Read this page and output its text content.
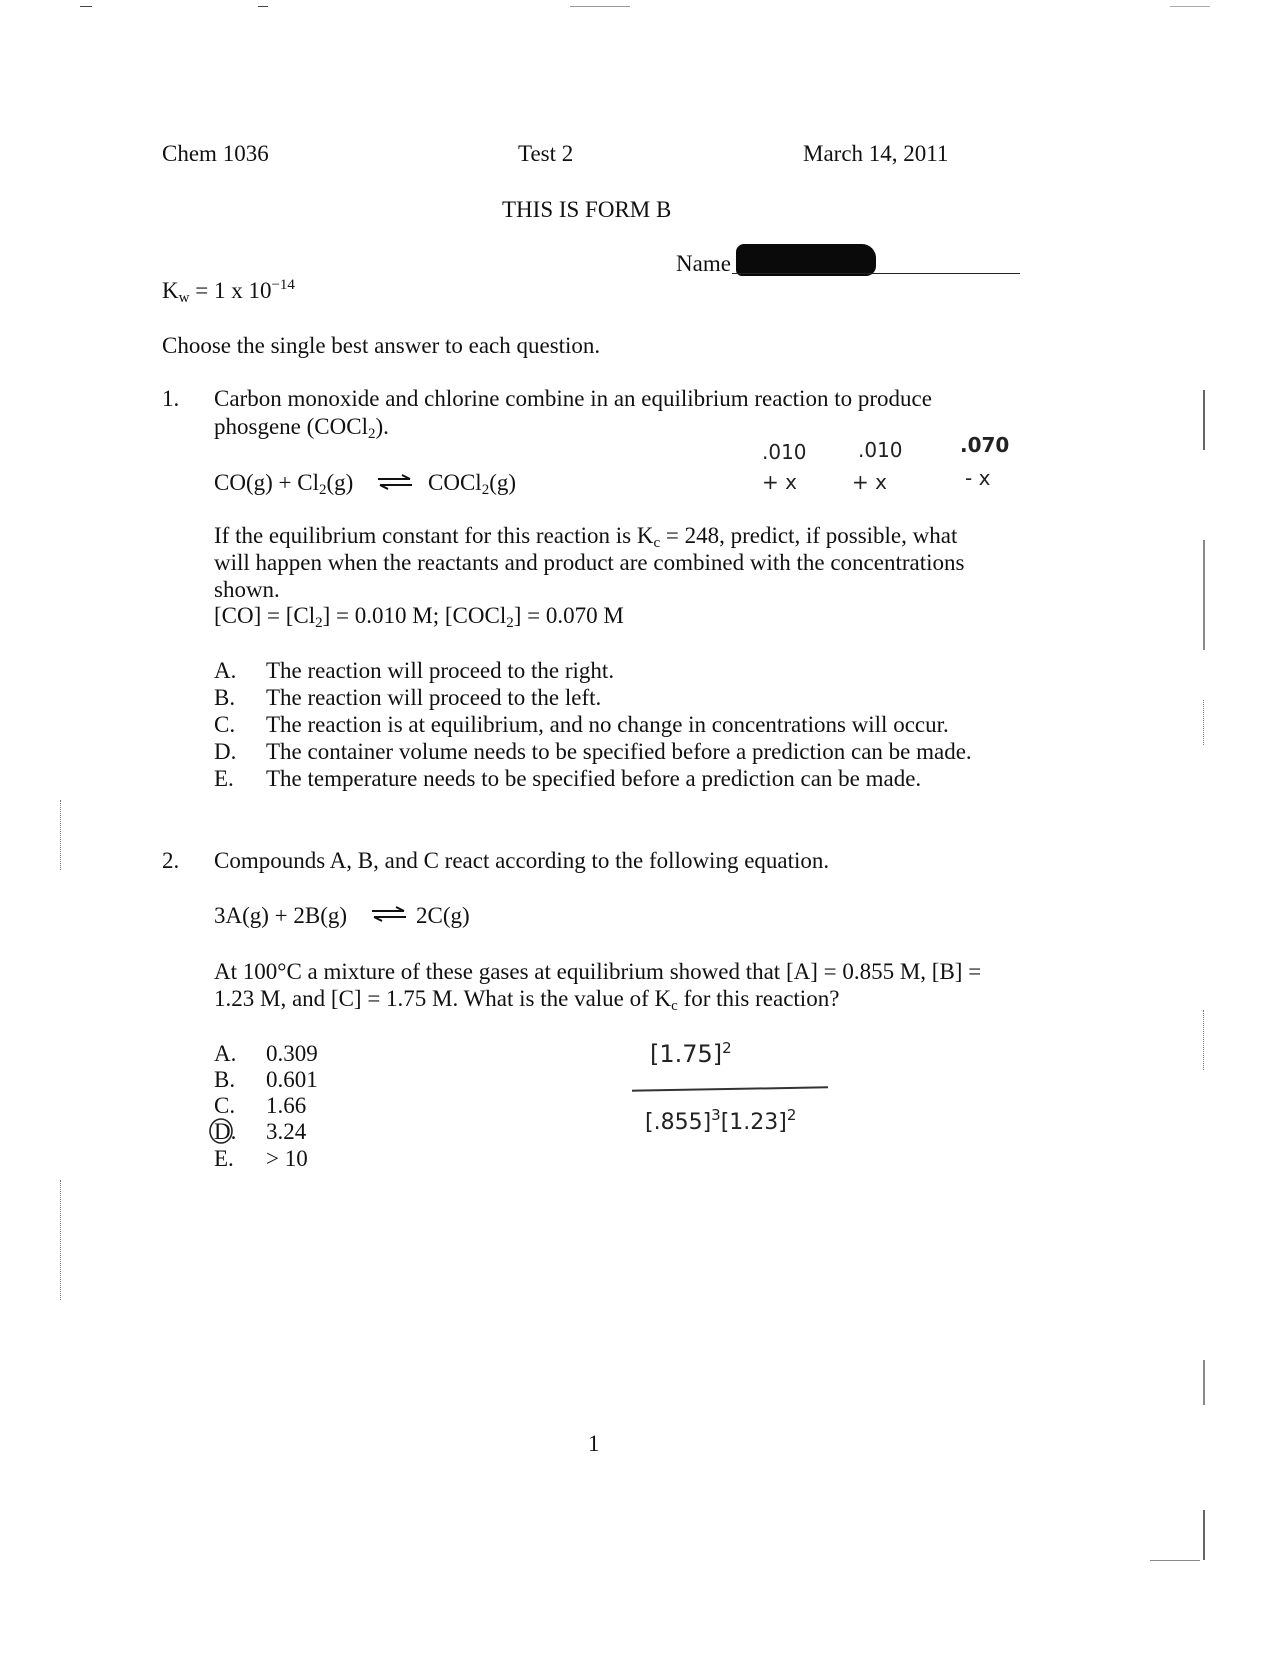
Chem 1036	Test 2	March 14, 2011
THIS IS FORM B
Name
$K_w = 1$ x $10^{-14}$
Choose the single best answer to each question.
1. Carbon monoxide and chlorine combine in an equilibrium reaction to produce
phosgene (COCl$_2$).
$CO(g) + Cl_2(g)$ ⇌ COCl$_2$(g)
.010	.010	.070
+ x	+ x	- x
If the equilibrium constant for this reaction is $K_c = 248$, predict, if possible, what
will happen when the reactants and product are combined with the concentrations
shown.
$[CO] = [Cl_2] = 0.010$ M; [COCl$_2$] = 0.070 M
A. The reaction will proceed to the right.
B. The reaction will proceed to the left.
C. The reaction is at equilibrium, and no change in concentrations will occur.
D. The container volume needs to be specified before a prediction can be made.
E. The temperature needs to be specified before a prediction can be made.
2. Compounds A, B, and C react according to the following equation.
3A(g) + 2B(g) ⇌ 2C(g)
At 100°C a mixture of these gases at equilibrium showed that [A] = 0.855 M, [B] =
1.23 M, and [C] = 1.75 M. What is the value of $K_c$ for this reaction?
A. 0.309
B. 0.601
C. 1.66
D. 3.24
E. > 10
$[1.75]^2$
$[.855]^3[1.23]^2$
1
